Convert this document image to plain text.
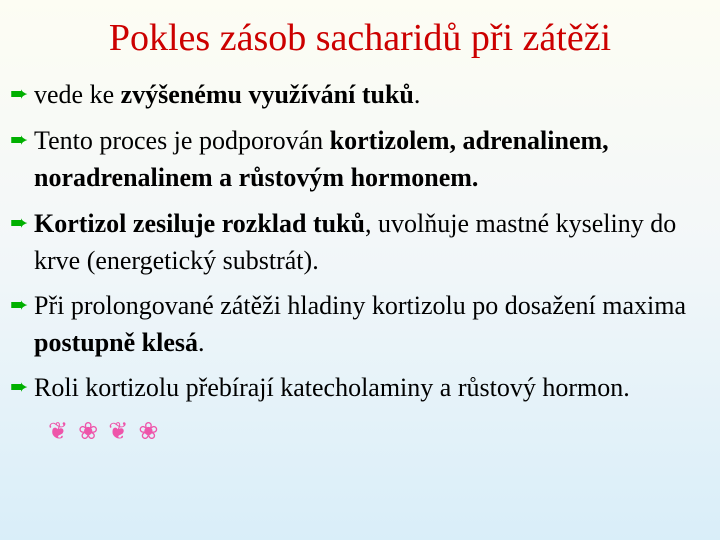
Pokles zásob sacharidů při zátěži
➨ vede ke zvýšenému využívání tuků.
➨ Tento proces je podporován kortizolem, adrenalinem, noradrenalinem a růstovým hormonem.
➨ Kortizol zesiluje rozklad tuků, uvolňuje mastné kyseliny do krve (energetický substrát).
➨ Při prolongované zátěži hladiny kortizolu po dosažení maxima postupně klesá.
➨ Roli kortizolu přebírají katecholaminy a růstový hormon.❦❀❦❀
